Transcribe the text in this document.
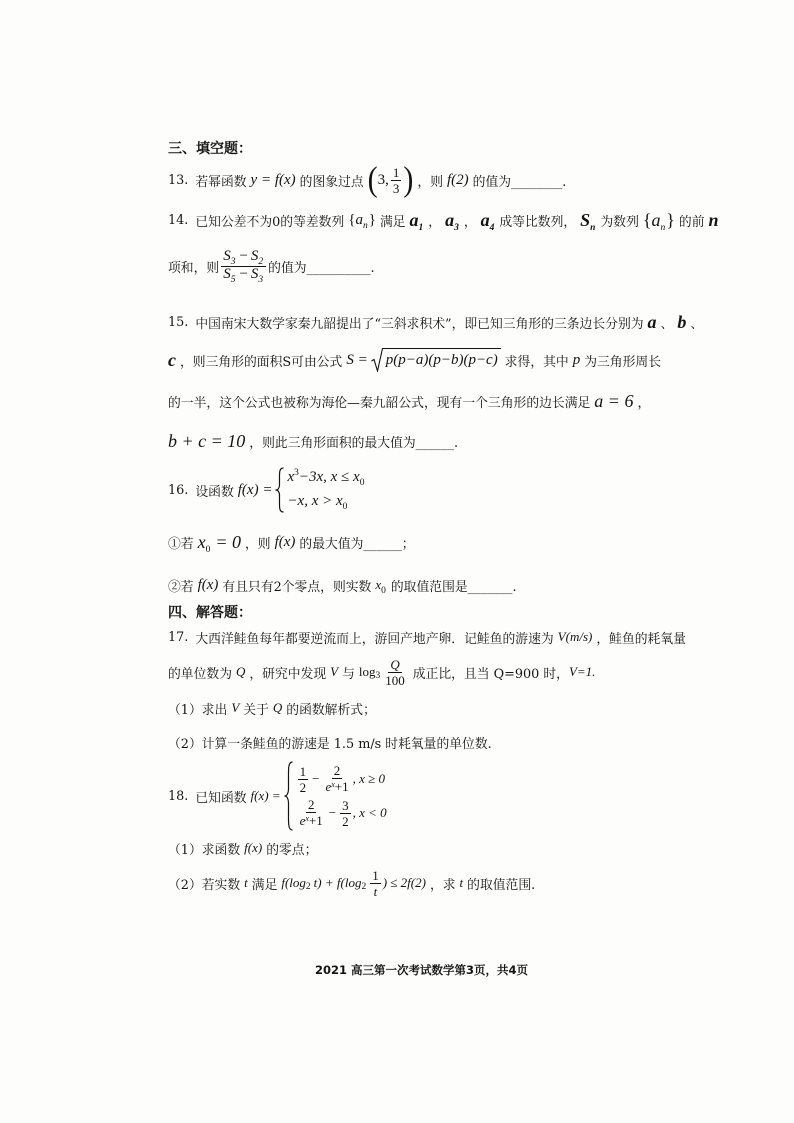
三、填空题：
13. 若幂函数 y = f(x) 的图象过点 ( 3, $\frac{1}{3}$ ) ，则 f(2) 的值为________.
14. 已知公差不为0的等差数列 $\{a_n\}$ 满足 $a_1$ ， $a_3$ ， $a_4$ 成等比数列， $S_n$ 为数列 $\{a_n\}$ 的前 n
项和，则 $\frac{S_3 - S_2}{S_5 - S_3}$ 的值为__________.
15. 中国南宋大数学家秦九韶提出了“三斜求积术”，即已知三角形的三条边长分别为 a 、 b 、
c ，则三角形的面积S可由公式 S = p(p−a)(p−b)(p−c) 求得，其中 p 为三角形周长
的一半，这个公式也被称为海伦—秦九韶公式，现有一个三角形的边长满足 a = 6 ，
b + c = 10 ，则此三角形面积的最大值为______.
16. 设函数 f(x) =
$x^3-3x$, $x \le x_0$
−x, $x > x_0$
①若 $x_0 = 0$ ，则 f(x) 的最大值为______；
②若 f(x) 有且只有2个零点，则实数 $x_0$ 的取值范围是_______.
四、解答题：
17. 大西洋鲑鱼每年都要逆流而上，游回产地产卵．记鲑鱼的游速为 V(m/s) ，鲑鱼的耗氧量
的单位数为 Q ，研究中发现 V 与 $\log 3 \frac{Q}{100}$ 成正比，且当 Q=900 时， V=1.
（1）求出 V 关于 Q 的函数解析式；
（2）计算一条鲑鱼的游速是 1.5 m/s 时耗氧量的单位数.
18. 已知函数 f(x) =
$\frac{1}{2} - \frac{2}{e^x+1}$ , x ≥ 0
$\frac{2}{e^x+1} - \frac{3}{2}$ , x < 0
（1）求函数 f(x) 的零点；
（2）若实数 t 满足 f(log 2 t) + f(log $2 \frac{1}{t}$ ) ≤ 2f(2) ，求 t 的取值范围.
2021 高三第一次考试数学第3页，共4页
